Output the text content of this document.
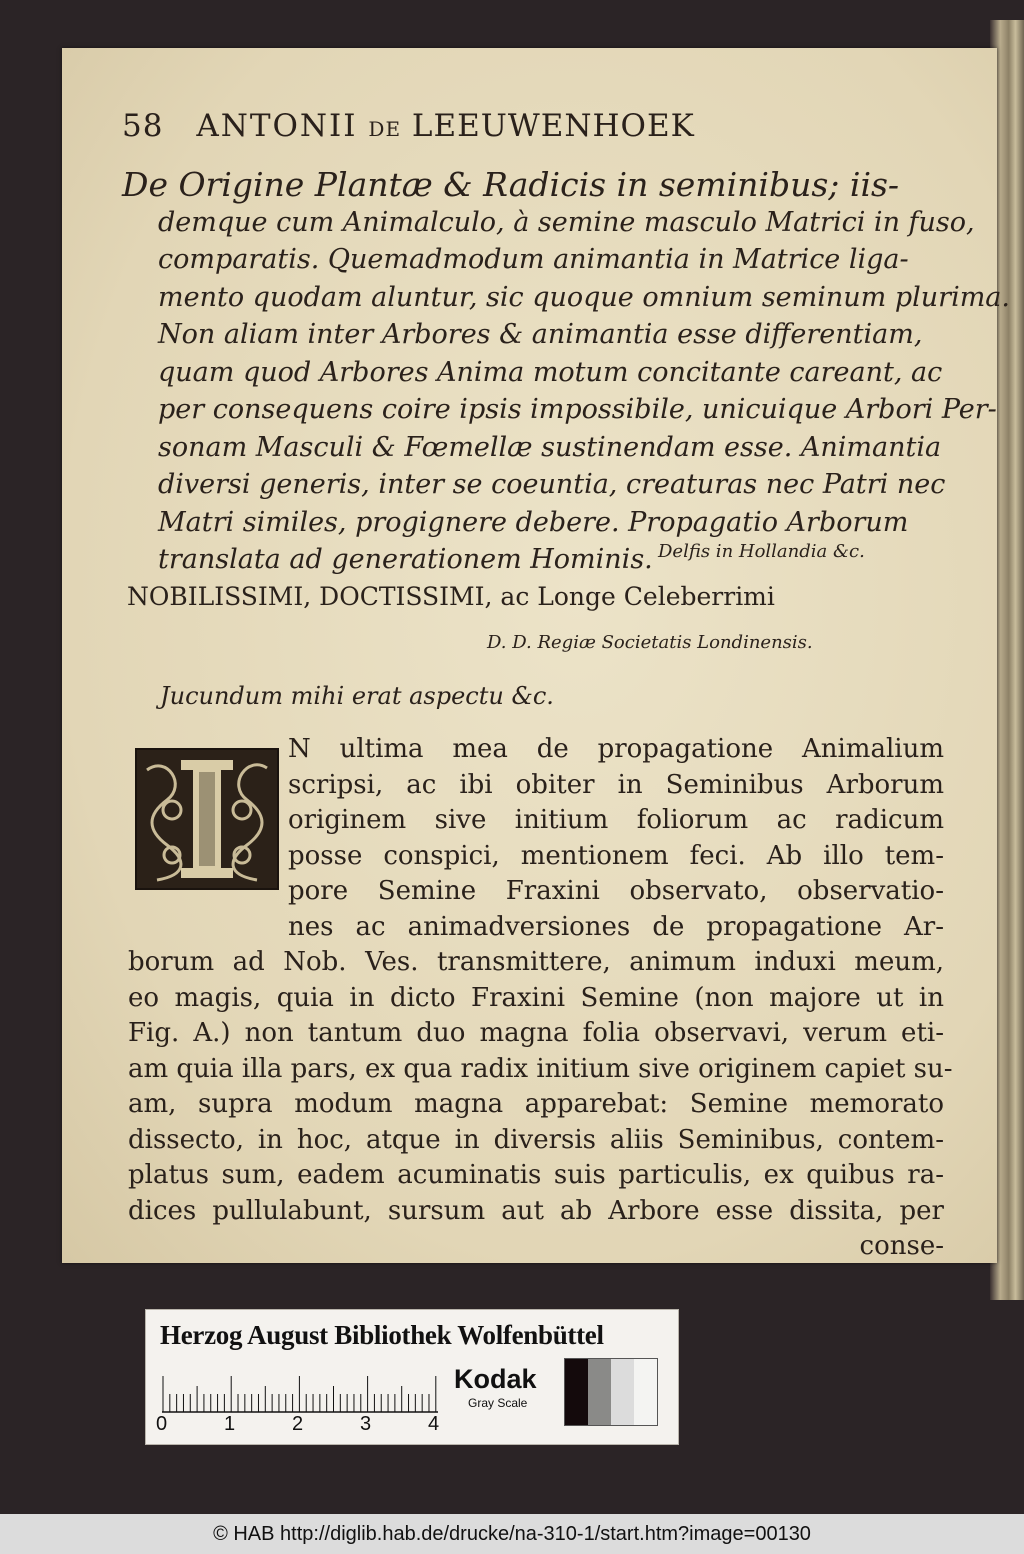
58 ANTONII DE LEEUWENHOEK
De Origine Plantæ & Radicis in seminibus; iis-
demque cum Animalculo, à semine masculo Matrici in fuso,
comparatis. Quemadmodum animantia in Matrice liga-
mento quodam aluntur, sic quoque omnium seminum plurima.
Non aliam inter Arbores & animantia esse differentiam,
quam quod Arbores Anima motum concitante careant, ac
per consequens coire ipsis impossibile, unicuique Arbori Per-
sonam Masculi & Fœmellæ sustinendam esse. Animantia
diversi generis, inter se coeuntia, creaturas nec Patri nec
Matri similes, progignere debere. Propagatio Arborum
translata ad generationem Hominis. Delfis in Hollandia &c.
NOBILISSIMI, DOCTISSIMI, ac Longe Celeberrimi
D. D. Regiæ Societatis Londinensis.
Jucundum mihi erat aspectu &c.
N ultima mea de propagatione Animalium
scripsi, ac ibi obiter in Seminibus Arborum
originem sive initium foliorum ac radicum
posse conspici, mentionem feci. Ab illo tem-
pore Semine Fraxini observato, observatio-
nes ac animadversiones de propagatione Ar-
borum ad Nob. Ves. transmittere, animum induxi meum,
eo magis, quia in dicto Fraxini Semine (non majore ut in
Fig. A.) non tantum duo magna folia observavi, verum eti-
am quia illa pars, ex qua radix initium sive originem capiet su-
am, supra modum magna apparebat: Semine memorato
dissecto, in hoc, atque in diversis aliis Seminibus, contem-
platus sum, eadem acuminatis suis particulis, ex quibus ra-
dices pullulabunt, sursum aut ab Arbore esse dissita, per
conse-
Herzog August Bibliothek Wolfenbüttel
0	1	2	3	4
Kodak
Gray Scale
© HAB http://diglib.hab.de/drucke/na-310-1/start.htm?image=00130
